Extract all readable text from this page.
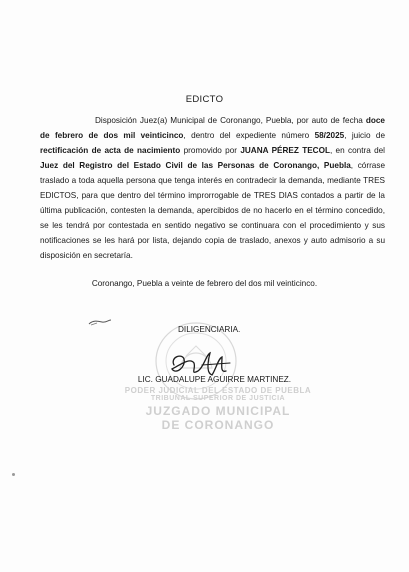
EDICTO

Disposición Juez(a) Municipal de Coronango, Puebla, por auto de fecha doce de febrero de dos mil veinticinco, dentro del expediente número 58/2025, juicio de rectificación de acta de nacimiento promovido por JUANA PÉREZ TECOL, en contra del Juez del Registro del Estado Civil de las Personas de Coronango, Puebla, córrase traslado a toda aquella persona que tenga interés en contradecir la demanda, mediante TRES EDICTOS, para que dentro del término improrrogable de TRES DIAS contados a partir de la última publicación, contesten la demanda, apercibidos de no hacerlo en el término concedido, se les tendrá por contestada en sentido negativo se continuara con el procedimiento y sus notificaciones se les hará por lista, dejando copia de traslado, anexos y auto admisorio a su disposición en secretaría.

Coronango, Puebla a veinte de febrero del dos mil veinticinco.
DILIGENCIARIA.
LIC. GUADALUPE AGUIRRE MARTINEZ.
PODER JUDICIAL DEL ESTADO DE PUEBLA
TRIBUNAL SUPERIOR DE JUSTICIA
JUZGADO MUNICIPAL
DE CORONANGO
